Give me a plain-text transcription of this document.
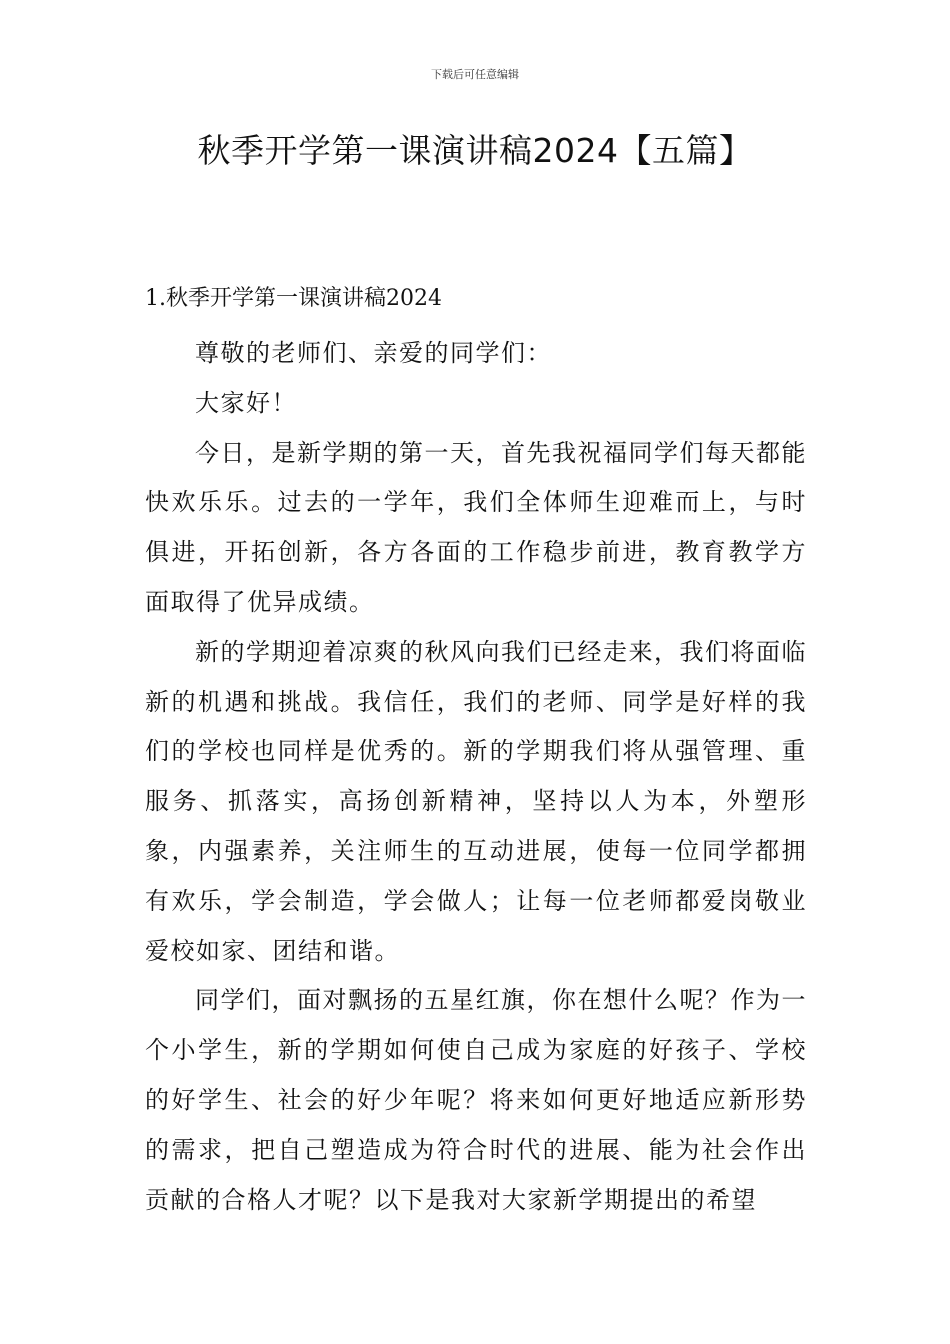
下载后可任意编辑
秋季开学第一课演讲稿2024【五篇】
1.秋季开学第一课演讲稿2024

尊敬的老师们、亲爱的同学们：

大家好！

今日，是新学期的第一天，首先我祝福同学们每天都能快欢乐乐。过去的一学年，我们全体师生迎难而上，与时俱进，开拓创新，各方各面的工作稳步前进，教育教学方面取得了优异成绩。

新的学期迎着凉爽的秋风向我们已经走来，我们将面临新的机遇和挑战。我信任，我们的老师、同学是好样的我们的学校也同样是优秀的。新的学期我们将从强管理、重服务、抓落实，高扬创新精神，坚持以人为本，外塑形象，内强素养，关注师生的互动进展，使每一位同学都拥有欢乐，学会制造，学会做人；让每一位老师都爱岗敬业爱校如家、团结和谐。

同学们，面对飘扬的五星红旗，你在想什么呢？作为一个小学生，新的学期如何使自己成为家庭的好孩子、学校的好学生、社会的好少年呢？将来如何更好地适应新形势的需求，把自己塑造成为符合时代的进展、能为社会作出贡献的合格人才呢？以下是我对大家新学期提出的希望
